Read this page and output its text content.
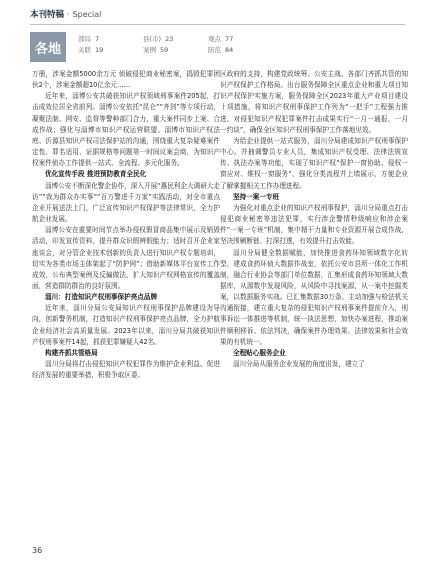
本刊特稿 · Special
各地
部局 7	县(市) 23	观点 77
关联 19	案例 59	防范 84

万册，涉案金额5000余万元 侦破侵犯商业秘密案，捣毁犯罪团伙2个，涉案金额超10亿余元……

近年来，淄博公安共破获知识产权领域刑事案件205起，打击成效位居全省前列。淄博公安依托“昆仑”“齐剑”等专项行动，凝聚法制、网安、监督等警种部门合力，重大案件同步上案、合成作战；强化与淄博市知识产权运营联盟、淄博市知识产权法庭、沂源县知识产权司法保护站的沟通，围绕重大复杂疑难案件定性、罪名适用、证据规格等问题第一时间议案会商，为知识产权案件侦办工作提供一站式、全流程、多元化服务。

优化宣传手段 推进预防教育全民化

淄博公安不断深化警企协作，深入开展“惠民利企大调研大走访”“我为群众办实事”“百万警进千万家”实践活动，对全市重点企业开展送法上门，广泛宣传知识产权保护等法律常识，全力护航企业发展。

淄博公安在重要时间节点举办侵权假冒商品集中展示及销毁活动，印发宣传资料，提升群众识假辨假能力；适时召开企业家座谈会，对分管企业技术创新的负责人进行知识产权专题培训，切实为各类市场主体架起了“防护网”；借助新媒体平台宣传工作成效，公布典型案例及反骗做法，扩大知识产权网格宣传的覆盖面，营造群防群治的良好氛围。

淄川：打造知识产权刑事保护亮点品牌

近年来，淄川分局公安局知识产权刑事保护品牌建设为导向，创新警务机制，打造知识产权刑事保护亮点品牌，全力护航企业经济社会高质量发展。2023年以来，淄川分局共破获知识产权刑事案件14起，抓获犯罪嫌疑人42名。

构建齐抓共管格局

淄川分局将打击侵犯知识产权犯罪作为维护企业利益、促进经济发展的重要举措，积极争取区委、

区政府的支持，构建党政统筹、公安主战、各部门齐抓共管的知识产权保护工作格局。出台服务保障全区重点企业和重大项目知识产权保护实施方案，服务保障全区2023年重大产业项目建设十项措施，将知识产权刑事保护工作列为“一把手”工程强力推进，对侵犯知识产权犯罪案件打击成果实行“一月一通报，一月一约谈”，确保全区知识产权刑事保护工作落地见效。

为给企业提供一站式服务，淄川分局建成知识产权刑事保护中心。并抽调警员专业人员，集成知识产权受理、法律法规宣传、执法办案等功能，实现了知识产权“保护一窗协助、侵权一窗应对、维权一窗服务”，强化分类流程并上墙展示，方便企业了解掌握相关工作办理进程。

坚持一案一专班

为强化对重点企业的知识产权刑事保护，淄川分局重点打击侵犯商业秘密等违法犯罪，实行涉企警情秒级响应和涉企案件“一案一专班”机制，集中精干力量和专业资源开展合成作战，坚决围剿断链、打深打透，有效提升打击效能。

淄川分局健全数据赋能，加快推进食药环知领域数字化转型，建成食药环侦大数据作战室，依托公安市县所一体化工作机制，融合行业协会等部门单位数据，汇集形成食药环知领域大数据库，从源数中发现风险，从风险中寻找案源，从一案中挖掘类案，以数据服务实战。已汇集数据30万条。主动加强与检法机关沟通衔接，建立重大复杂的侵犯知识产权刑事案件提前介入，刑事诉讼一体推进等机制，统一执法思想，加快办案进程，推动案件顺利移诉、依法判决，确保案件办理效果、法律效果和社会效果的有机统一。

全程贴心服务企业

淄川分局从服务企业发展的角度出发，建立了

36
